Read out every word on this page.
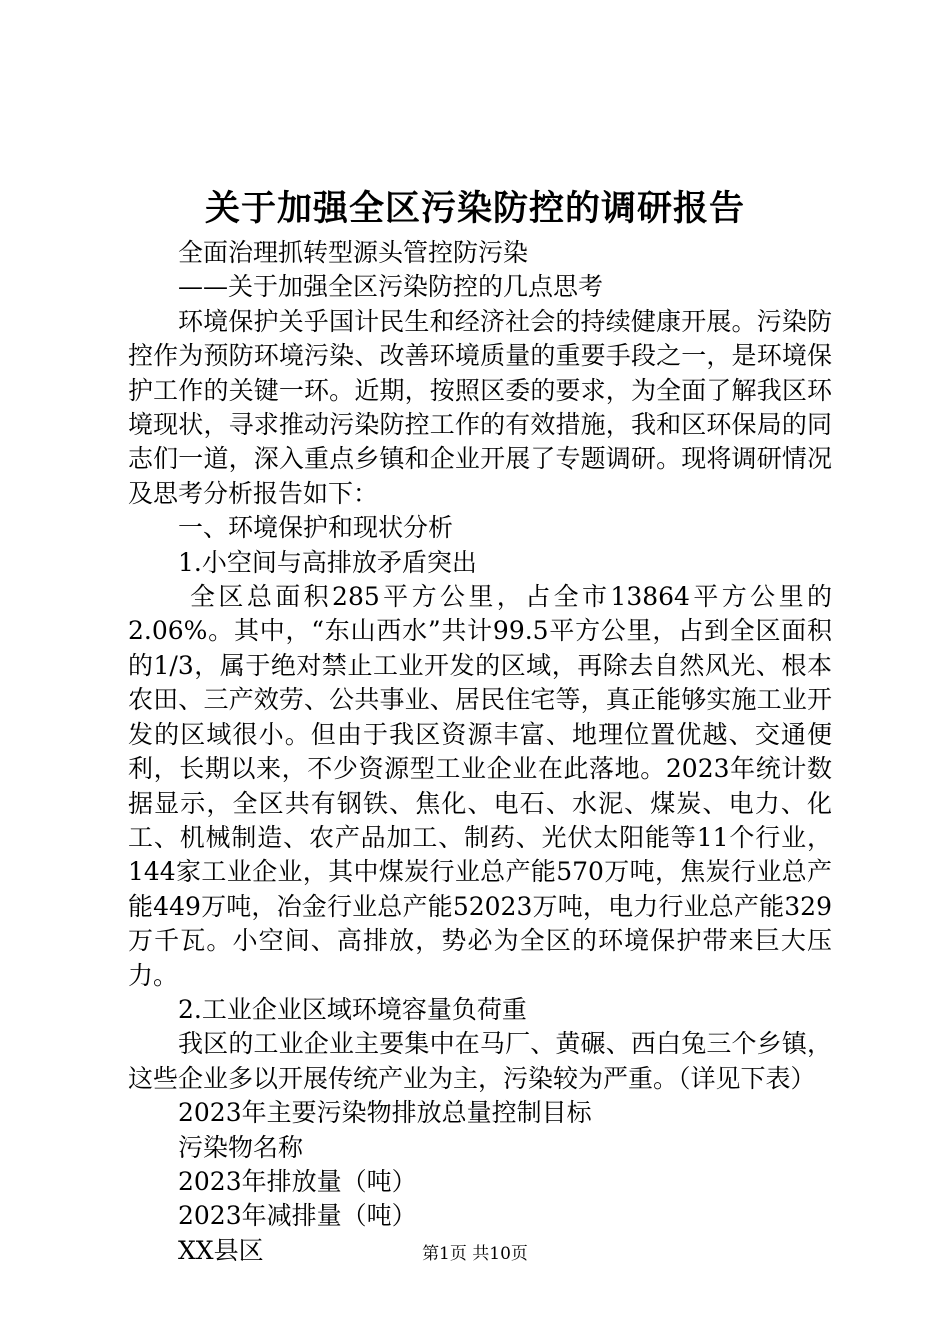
关于加强全区污染防控的调研报告

全面治理抓转型源头管控防污染

——关于加强全区污染防控的几点思考

环境保护关乎国计民生和经济社会的持续健康开展。污染防控作为预防环境污染、改善环境质量的重要手段之一，是环境保护工作的关键一环。近期，按照区委的要求，为全面了解我区环境现状，寻求推动污染防控工作的有效措施，我和区环保局的同志们一道，深入重点乡镇和企业开展了专题调研。现将调研情况及思考分析报告如下：

一、环境保护和现状分析

1.小空间与高排放矛盾突出

全区总面积285平方公里，占全市13864平方公里的2.06%。其中，“东山西水”共计99.5平方公里，占到全区面积的1/3，属于绝对禁止工业开发的区域，再除去自然风光、根本农田、三产效劳、公共事业、居民住宅等，真正能够实施工业开发的区域很小。但由于我区资源丰富、地理位置优越、交通便利，长期以来，不少资源型工业企业在此落地。2023年统计数据显示，全区共有钢铁、焦化、电石、水泥、煤炭、电力、化工、机械制造、农产品加工、制药、光伏太阳能等11个行业，144家工业企业，其中煤炭行业总产能570万吨，焦炭行业总产能449万吨，冶金行业总产能52023万吨，电力行业总产能329万千瓦。小空间、高排放，势必为全区的环境保护带来巨大压力。

2.工业企业区域环境容量负荷重

我区的工业企业主要集中在马厂、黄碾、西白兔三个乡镇，这些企业多以开展传统产业为主，污染较为严重。（详见下表）

2023年主要污染物排放总量控制目标

污染物名称

2023年排放量（吨）

2023年减排量（吨）

XX县区	第1页 共10页
